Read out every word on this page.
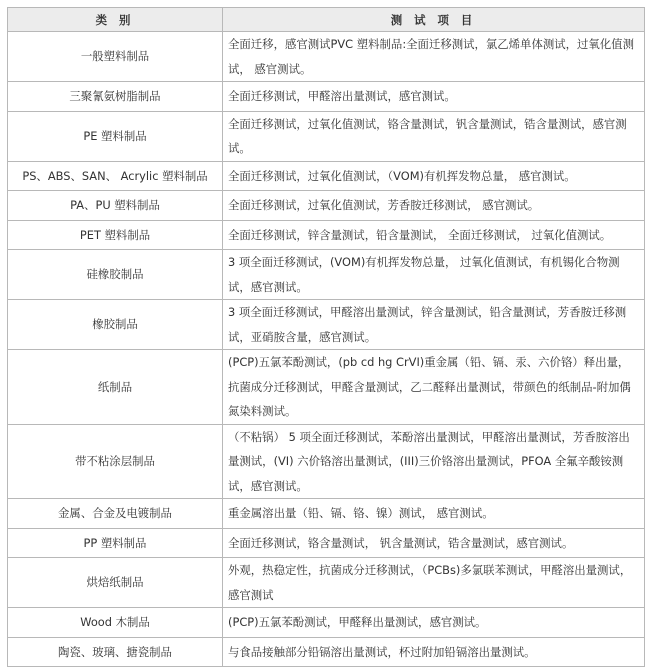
类 别	测 试 项 目
一般塑料制品	全面迁移，感官测试PVC 塑料制品:全面迁移测试，氯乙烯单体测试，过氧化值测试， 感官测试。
三聚氰氨树脂制品	全面迁移测试，甲醛溶出量测试，感官测试。
PE 塑料制品	全面迁移测试，过氧化值测试，铬含量测试，钒含量测试，锆含量测试，感官测试。
PS、ABS、SAN、 Acrylic 塑料制品	全面迁移测试，过氧化值测试，（VOM)有机挥发物总量， 感官测试。
PA、PU 塑料制品	全面迁移测试，过氧化值测试，芳香胺迁移测试， 感官测试。
PET 塑料制品	全面迁移测试，锌含量测试，铅含量测试， 全面迁移测试， 过氧化值测试。
硅橡胶制品	3 项全面迁移测试，(VOM)有机挥发物总量， 过氧化值测试，有机锡化合物测试，感官测试。
橡胶制品	3 项全面迁移测试，甲醛溶出量测试，锌含量测试，铅含量测试，芳香胺迁移测试，亚硝胺含量，感官测试。
纸制品	(PCP)五氯苯酚测试，(pb cd hg CrVI)重金属（铅、镉、汞、六价铬）释出量，抗菌成分迁移测试，甲醛含量测试，乙二醛释出量测试，带颜色的纸制品-附加偶氮染料测试。
带不粘涂层制品	（不粘锅） 5 项全面迁移测试，苯酚溶出量测试，甲醛溶出量测试，芳香胺溶出量测试，(VI) 六价铬溶出量测试，(III)三价铬溶出量测试，PFOA 全氟辛酸铵测试，感官测试。
金属、合金及电镀制品	重金属溶出量（铅、镉、铬、镍）测试， 感官测试。
PP 塑料制品	全面迁移测试，铬含量测试， 钒含量测试，锆含量测试，感官测试。
烘焙纸制品	外观，热稳定性，抗菌成分迁移测试，（PCBs)多氯联苯测试，甲醛溶出量测试，感官测试
Wood 木制品	(PCP)五氯苯酚测试，甲醛释出量测试，感官测试。
陶瓷、玻璃、搪瓷制品	与食品接触部分铅镉溶出量测试，杯过附加铅镉溶出量测试。
